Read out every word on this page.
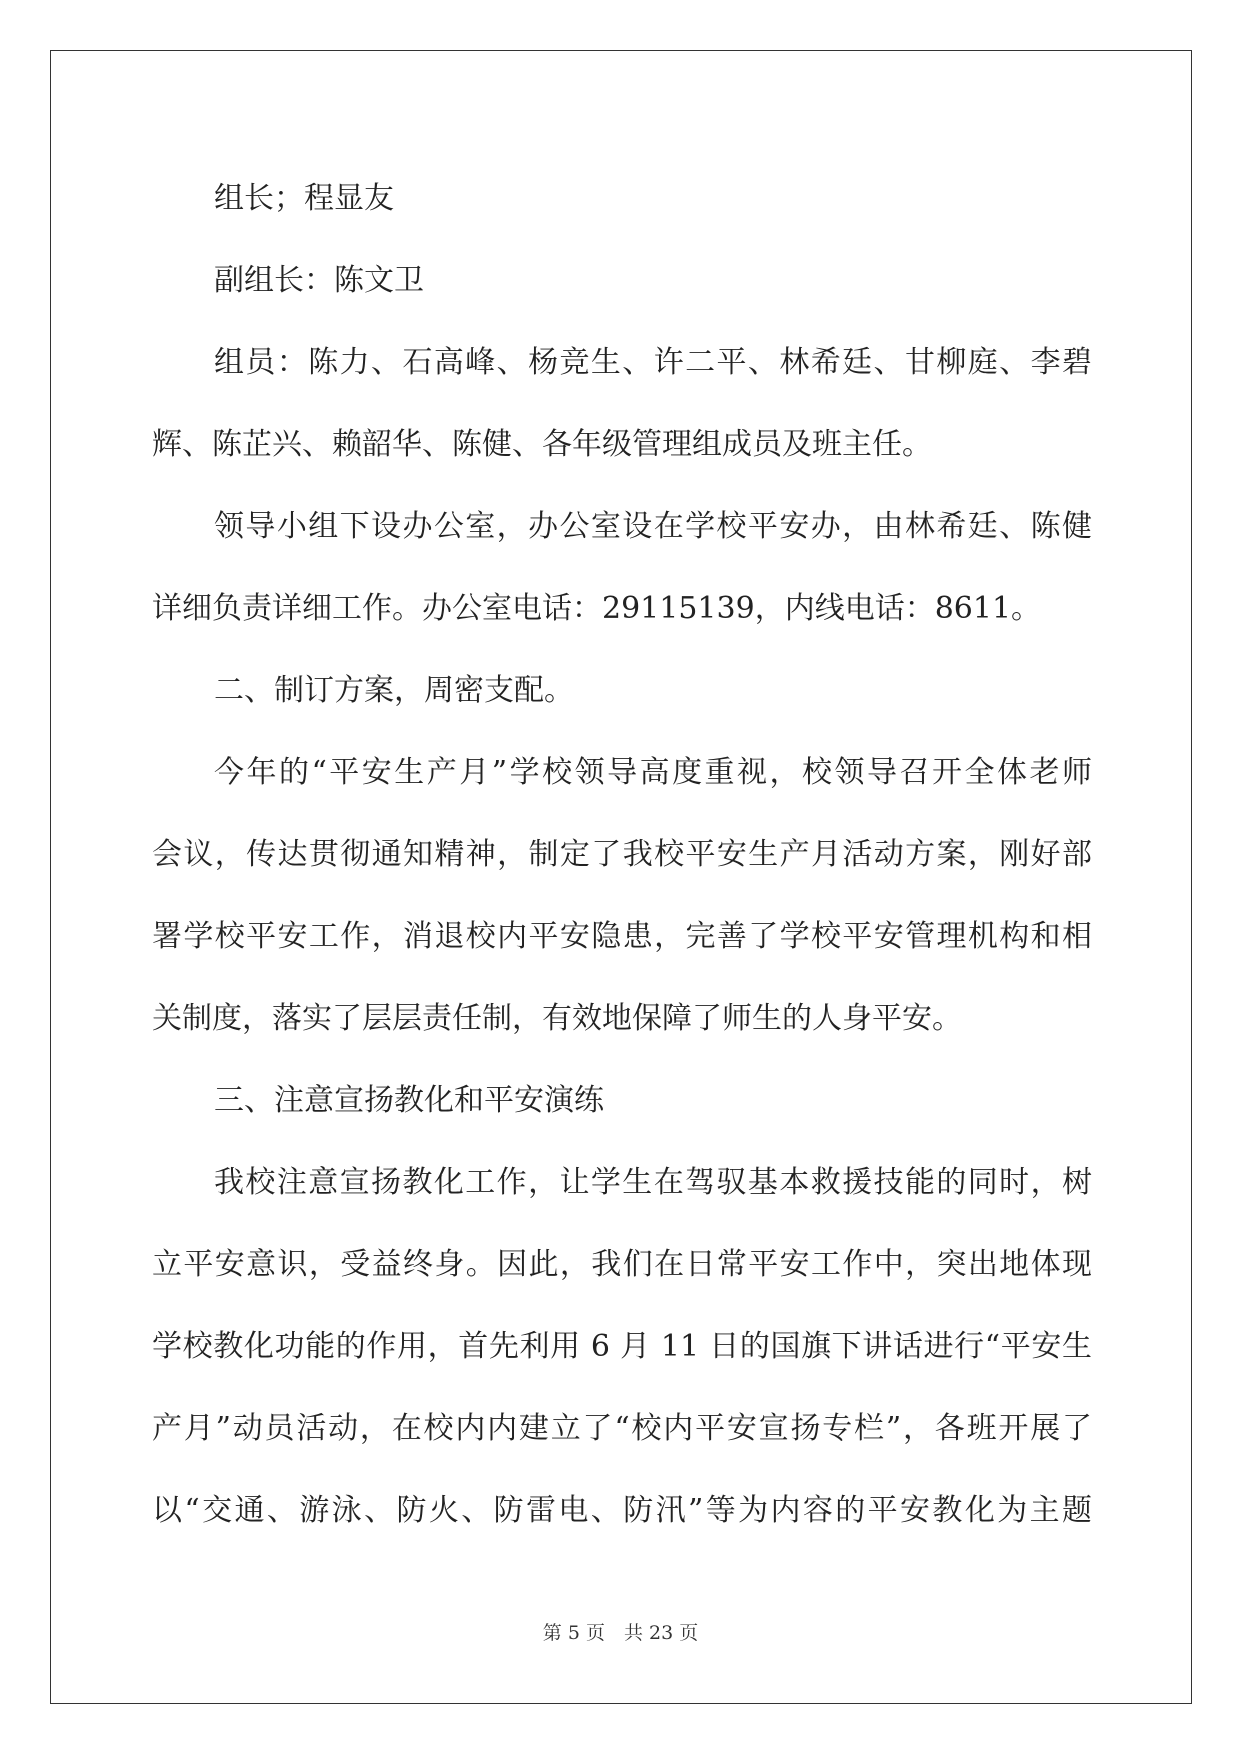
组长；程显友
副组长：陈文卫
组员：陈力、石高峰、杨竞生、许二平、林希廷、甘柳庭、李碧
辉、陈芷兴、赖韶华、陈健、各年级管理组成员及班主任。
领导小组下设办公室，办公室设在学校平安办，由林希廷、陈健
详细负责详细工作。办公室电话：29115139，内线电话：8611。
二、制订方案，周密支配。
今年的“平安生产月”学校领导高度重视，校领导召开全体老师
会议，传达贯彻通知精神，制定了我校平安生产月活动方案，刚好部
署学校平安工作，消退校内平安隐患，完善了学校平安管理机构和相
关制度，落实了层层责任制，有效地保障了师生的人身平安。
三、注意宣扬教化和平安演练
我校注意宣扬教化工作，让学生在驾驭基本救援技能的同时，树
立平安意识，受益终身。因此，我们在日常平安工作中，突出地体现
学校教化功能的作用，首先利用 6 月 11 日的国旗下讲话进行“平安生
产月”动员活动，在校内内建立了“校内平安宣扬专栏”，各班开展了
以“交通、游泳、防火、防雷电、防汛”等为内容的平安教化为主题
第 5 页　共 23 页
